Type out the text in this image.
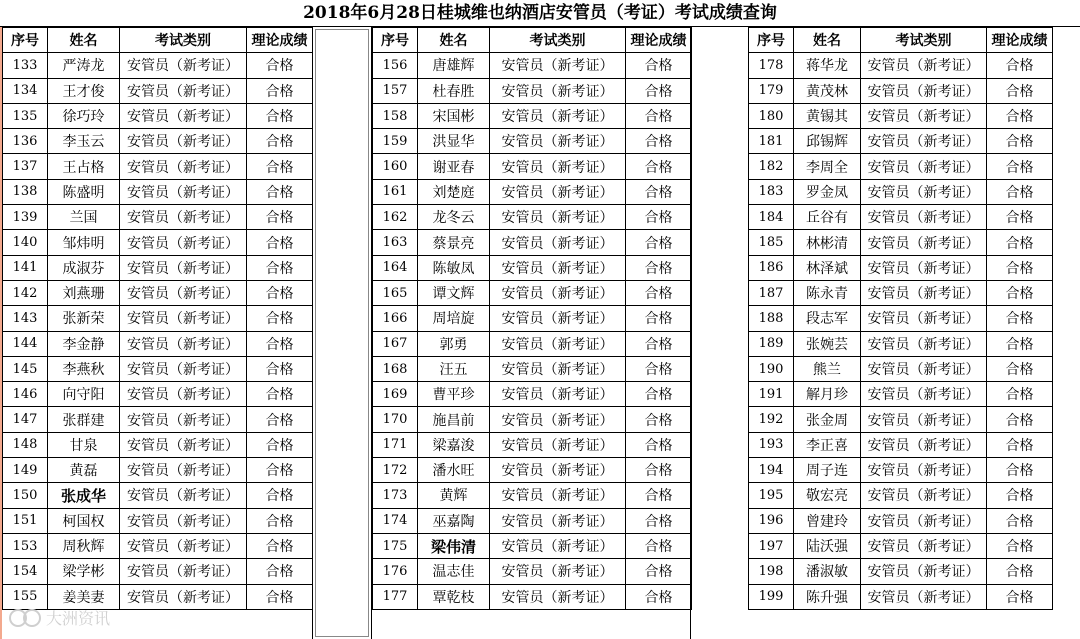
2018年6月28日桂城维也纳酒店安管员（考证）考试成绩查询
序号	姓名	考试类别	理论成绩
133	严涛龙	安管员（新考证）	合格
134	王才俊	安管员（新考证）	合格
135	徐巧玲	安管员（新考证）	合格
136	李玉云	安管员（新考证）	合格
137	王占格	安管员（新考证）	合格
138	陈盛明	安管员（新考证）	合格
139	兰国	安管员（新考证）	合格
140	邹炜明	安管员（新考证）	合格
141	成淑芬	安管员（新考证）	合格
142	刘燕珊	安管员（新考证）	合格
143	张新荣	安管员（新考证）	合格
144	李金静	安管员（新考证）	合格
145	李燕秋	安管员（新考证）	合格
146	向守阳	安管员（新考证）	合格
147	张群建	安管员（新考证）	合格
148	甘泉	安管员（新考证）	合格
149	黄磊	安管员（新考证）	合格
150	张成华	安管员（新考证）	合格
151	柯国权	安管员（新考证）	合格
153	周秋辉	安管员（新考证）	合格
154	梁学彬	安管员（新考证）	合格
155	姜美妻	安管员（新考证）	合格
序号	姓名	考试类别	理论成绩
156	唐雄辉	安管员（新考证）	合格
157	杜春胜	安管员（新考证）	合格
158	宋国彬	安管员（新考证）	合格
159	洪显华	安管员（新考证）	合格
160	谢亚春	安管员（新考证）	合格
161	刘楚庭	安管员（新考证）	合格
162	龙冬云	安管员（新考证）	合格
163	蔡景亮	安管员（新考证）	合格
164	陈敏凤	安管员（新考证）	合格
165	谭文辉	安管员（新考证）	合格
166	周培旋	安管员（新考证）	合格
167	郭勇	安管员（新考证）	合格
168	汪五	安管员（新考证）	合格
169	曹平珍	安管员（新考证）	合格
170	施昌前	安管员（新考证）	合格
171	梁嘉浚	安管员（新考证）	合格
172	潘水旺	安管员（新考证）	合格
173	黄辉	安管员（新考证）	合格
174	巫嘉陶	安管员（新考证）	合格
175	梁伟清	安管员（新考证）	合格
176	温志佳	安管员（新考证）	合格
177	覃乾枝	安管员（新考证）	合格
序号	姓名	考试类别	理论成绩
178	蒋华龙	安管员（新考证）	合格
179	黄茂林	安管员（新考证）	合格
180	黄锡其	安管员（新考证）	合格
181	邱锡辉	安管员（新考证）	合格
182	李周全	安管员（新考证）	合格
183	罗金凤	安管员（新考证）	合格
184	丘谷有	安管员（新考证）	合格
185	林彬清	安管员（新考证）	合格
186	林泽斌	安管员（新考证）	合格
187	陈永青	安管员（新考证）	合格
188	段志军	安管员（新考证）	合格
189	张婉芸	安管员（新考证）	合格
190	熊兰	安管员（新考证）	合格
191	解月珍	安管员（新考证）	合格
192	张金周	安管员（新考证）	合格
193	李正喜	安管员（新考证）	合格
194	周子连	安管员（新考证）	合格
195	敬宏亮	安管员（新考证）	合格
196	曾建玲	安管员（新考证）	合格
197	陆沃强	安管员（新考证）	合格
198	潘淑敏	安管员（新考证）	合格
199	陈升强	安管员（新考证）	合格
大洲资讯
